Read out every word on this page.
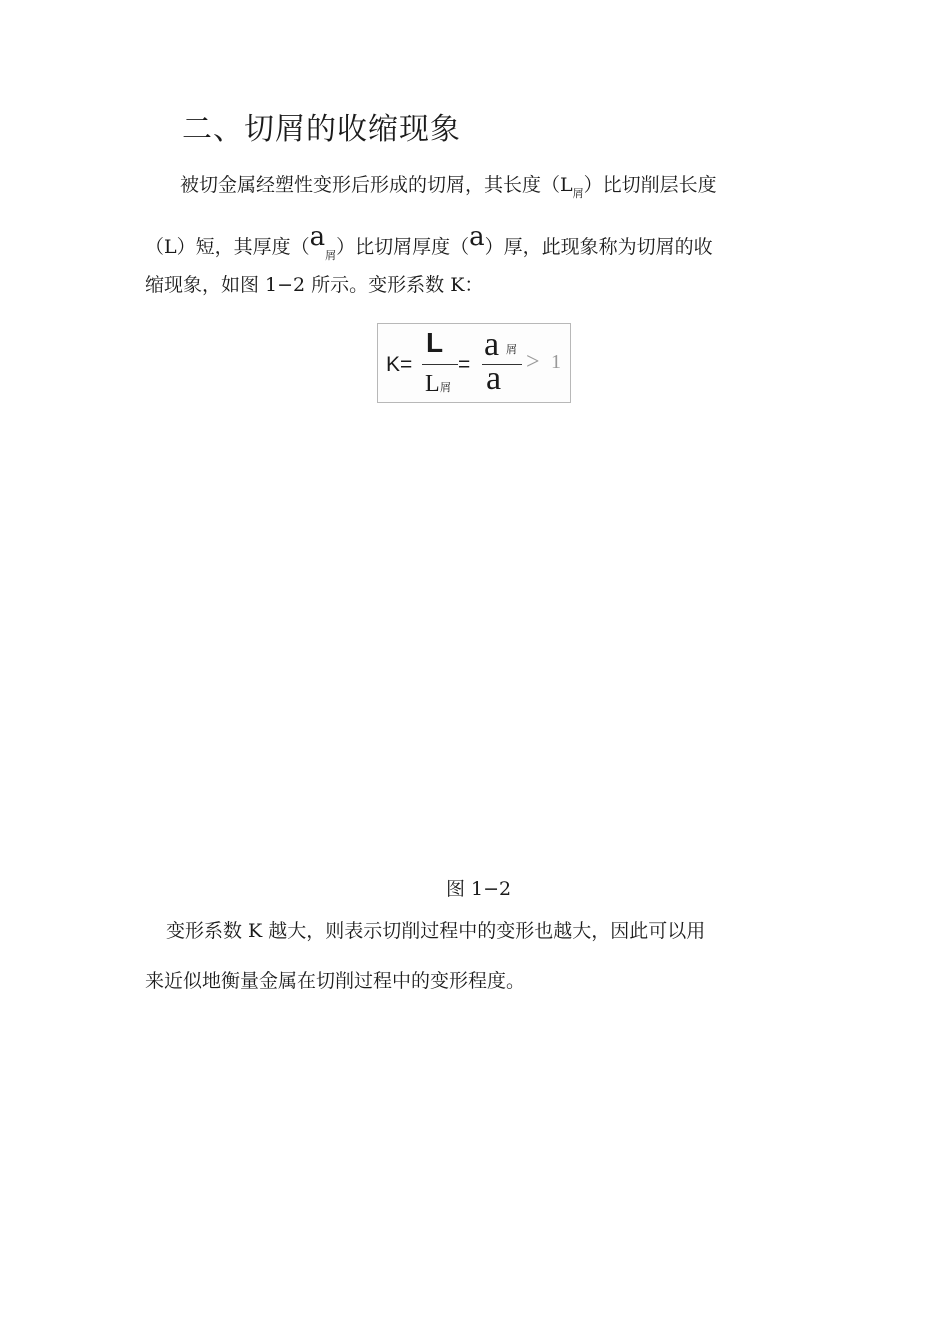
二、切屑的收缩现象
被切金属经塑性变形后形成的切屑，其长度$(L_屑)$比切削层长度
（L）短，其厚度$(a_屑)$比切屑厚度（a）厚，此现象称为切屑的收
缩现象，如图 1−2 所示。变形系数 K：
K=
L
L 屑
=
a 屑
a > 1
图 1−2
变形系数 K 越大，则表示切削过程中的变形也越大，因此可以用
来近似地衡量金属在切削过程中的变形程度。
